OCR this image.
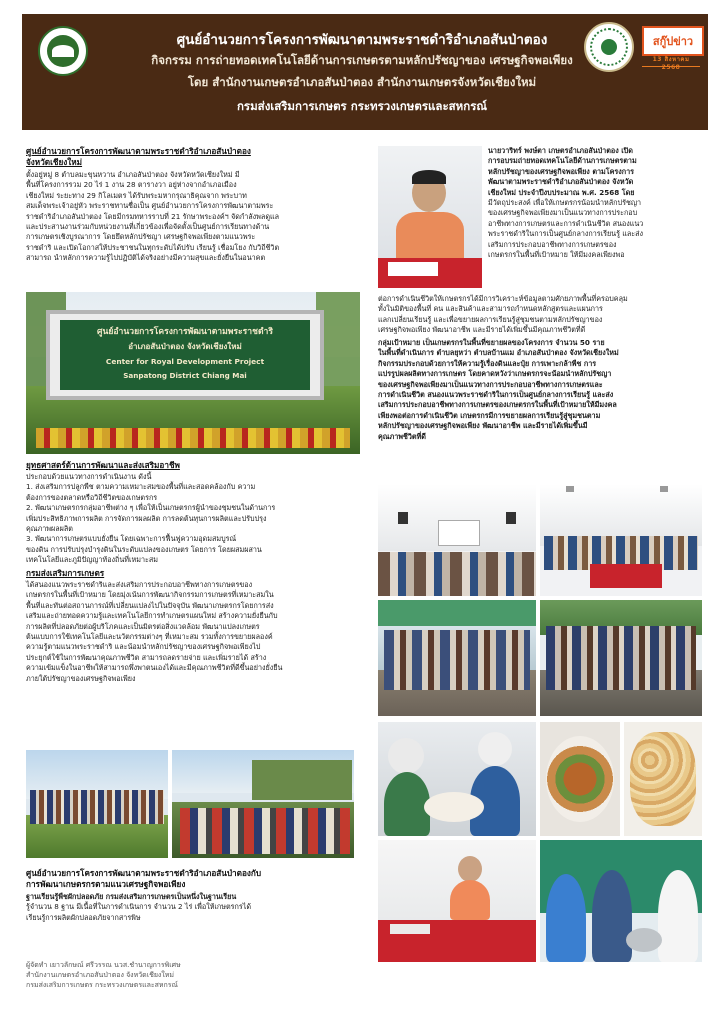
สกู๊ปข่าว
13 สิงหาคม 2568
ศูนย์อำนวยการโครงการพัฒนาตามพระราชดำริอำเภอสันป่าตอง
กิจกรรม การถ่ายทอดเทคโนโลยีด้านการเกษตรตามหลักปรัชญาของ เศรษฐกิจพอเพียง
โดย สำนักงานเกษตรอำเภอสันป่าตอง สำนักงานเกษตรจังหวัดเชียงใหม่
กรมส่งเสริมการเกษตร กระทรวงเกษตรและสหกรณ์
ศูนย์อำนวยการโครงการพัฒนาตามพระราชดำริอำเภอสันป่าตอง
จังหวัดเชียงใหม่
ตั้งอยู่หมู่ 8 ตำบลมะขุนหวาน อำเภอสันป่าตอง จังหวัดหวัดเชียงใหม่ มี
พื้นที่โครงการรวม 20 ไร่ 1 งาน 28 ตารางวา อยู่ห่างจากอำเภอเมือง
เชียงใหม่ ระยะทาง 29 กิโลเมตร ได้รับพระมหากรุณาธิคุณจาก พระบาท
สมเด็จพระเจ้าอยู่หัว พระราชทานชื่อเป็น ศูนย์อำนวยการโครงการพัฒนาตามพระ
ราชดำริอำเภอสันป่าตอง โดยมีกรมทหารราบที่ 21 รักษาพระองค์ฯ จัดกำลังพลดูแล
และประสานงานร่วมกับหน่วยงานที่เกี่ยวข้องเพื่อจัดตั้งเป็นศูนย์การเรียนทางด้าน
การเกษตรเชิงบูรณาการ โดยยึดหลักปรัชญา เศรษฐกิจพอเพียงตามแนวพระ
ราชดำริ และเปิดโอกาสให้ประชาชนในทุกระดับได้ปรับ เรียนรู้ เชื่อมโยง กับวิถีชีวิต
สามารถ นำหลักการความรู้ไปปฏิบัติได้จริงอย่างมีความสุขและยั่งยืนในอนาคต
ศูนย์อำนวยการโครงการพัฒนาตามพระราชดำริ
อำเภอสันป่าตอง จังหวัดเชียงใหม่
Center for Royal Development Project
Sanpatong District Chiang Mai
ยุทธศาสตร์ด้านการพัฒนาและส่งเสริมอาชีพ
ประกอบด้วยแนวทางการดำเนินงาน ดังนี้
1. ส่งเสริมการปลูกพืช ตามความเหมาะสมของพื้นที่และสอดคล้องกับ ความ
ต้องการของตลาดหรือวิถีชีวิตของเกษตรกร
2. พัฒนาเกษตรกรกลุ่มอาชีพต่าง ๆ เพื่อให้เป็นเกษตรกรผู้นำของชุมชนในด้านการ
เพิ่มประสิทธิภาพการผลิต การจัดการผลผลิต การลดต้นทุนการผลิตและปรับปรุง
คุณภาพผลผลิต
3. พัฒนาการเกษตรแบบยั่งยืน โดยเฉพาะการฟื้นฟูความอุดมสมบูรณ์
ของดิน การปรับปรุงบำรุงดินในระดับแปลงของเกษตร โดยการ โดยผสมผสาน
เทคโนโลยีและภูมิปัญญาท้องถิ่นที่เหมาะสม
กรมส่งเสริมการเกษตร
ได้สนองแนวพระราชดำริและส่งเสริมการประกอบอาชีพทางการเกษตรของ
เกษตรกรในพื้นที่เป้าหมาย โดยมุ่งเน้นการพัฒนากิจกรรมการเกษตรที่เหมาะสมใน
พื้นที่และทันต่อสถานการณ์ที่เปลี่ยนแปลงไปในปัจจุบัน พัฒนาเกษตรกรโดยการส่ง
เสริมและถ่ายทอดความรู้และเทคโนโลยีการทำเกษตรแผนใหม่ สร้างความยั่งยืนกับ
การผลิตที่ปลอดภัยต่อผู้บริโภคและเป็นมิตรต่อสิ่งแวดล้อม พัฒนาแปลงเกษตร
ต้นแบบการใช้เทคโนโลยีและนวัตกรรมต่างๆ ที่เหมาะสม รวมทั้งการขยายผลองค์
ความรู้ตามแนวพระราชดำริ และน้อมนำหลักปรัชญาของเศรษฐกิจพอเพียงไป
ประยุกต์ใช้ในการพัฒนาคุณภาพชีวิต สามารถลดรายจ่าย และเพิ่มรายได้ สร้าง
ความเข้มแข็งในอาชีพให้สามารถพึ่งพาตนเองได้และมีคุณภาพชีวิตที่ดีขึ้นอย่างยั่งยืน
ภายใต้ปรัชญาของเศรษฐกิจพอเพียง
ศูนย์อำนวยการโครงการพัฒนาตามพระราชดำริอำเภอสันป่าตองกับ
การพัฒนาเกษตรกรตามแนวเศรษฐกิจพอเพียง
ฐานเรียนรู้พืชผักปลอดภัย กรมส่งเสริมการเกษตรเป็นหนึ่งในฐานเรียน
รู้จำนวน 8 ฐาน มีเนื้อที่ในการดำเนินการ จำนวน 2 ไร่ เพื่อให้เกษตรกรได้
เรียนรู้การผลิตผักปลอดภัยจากสารพิษ
ผู้จัดทำ เยาวลักษณ์ ศรีวรรณ นวส.ชำนาญการพิเศษ
สำนักงานเกษตรอำเภอสันป่าตอง จังหวัดเชียงใหม่
กรมส่งเสริมการเกษตร กระทรวงเกษตรและสหกรณ์
นายวาริทร์ พงษ์ตา เกษตรอำเภอสันป่าตอง เปิด
การอบรมถ่ายทอดเทคโนโลยีด้านการเกษตรตาม
หลักปรัชญาของเศรษฐกิจพอเพียง ตามโครงการ
พัฒนาตามพระราชดำริอำเภอสันป่าตอง จังหวัด
เชียงใหม่ ประจำปีงบประมาณ พ.ศ. 2568 โดย
มีวัตถุประสงค์ เพื่อให้เกษตรกรน้อมนำหลักปรัชญา
ของเศรษฐกิจพอเพียงมาเป็นแนวทางการประกอบ
อาชีพทางการเกษตรและการดำเนินชีวิต สนองแนว
พระราชดำริในการเป็นศูนย์กลางการเรียนรู้ และส่ง
เสริมการประกอบอาชีพทางการเกษตรของ
เกษตรกรในพื้นที่เป้าหมาย ให้มีมงคลเพียงพอ
ต่อการดำเนินชีวิตให้เกษตรกรได้มีการวิเคราะห์ข้อมูลตามศักยภาพพื้นที่ครอบคลุม
ทั้งในมิติของพื้นที่ คน และสินค้าและสามารถกำหนดหลักสูตรและแผนการ
แลกเปลี่ยนเรียนรู้ และเพื่อขยายผลการเรียนรู้สู่ชุมชนตามหลักปรัชญาของ
เศรษฐกิจพอเพียง พัฒนาอาชีพ และมีรายได้เพิ่มขึ้นมีคุณภาพชีวิตที่ดี
กลุ่มเป้าหมาย เป็นเกษตรกรในพื้นที่ขยายผลของโครงการ จำนวน 50 ราย
ในพื้นที่ดำเนินการ ตำบลยุหว่า ตำบลบ้านแม อำเภอสันป่าตอง จังหวัดเชียงใหม่
กิจกรรมประกอบด้วยการให้ความรู้เรื่องดินและปุ๋ย การเพาะกล้าพืช การ
แปรรูปผลผลิตทางการเกษตร โดยคาดหวังว่าเกษตรกรจะน้อมนำหลักปรัชญา
ของเศรษฐกิจพอเพียงมาเป็นแนวทางการประกอบอาชีพทางการเกษตรและ
การดำเนินชีวิต สนองแนวพระราชดำริในการเป็นศูนย์กลางการเรียนรู้ และส่ง
เสริมการประกอบอาชีพทางการเกษตรของเกษตรกรในพื้นที่เป้าหมายให้มีมงคล
เพียงพอต่อการดำเนินชีวิต เกษตรกรมีการขยายผลการเรียนรู้สู่ชุมชนตาม
หลักปรัชญาของเศรษฐกิจพอเพียง พัฒนาอาชีพ และมีรายได้เพิ่มขึ้นมี
คุณภาพชีวิตที่ดี
